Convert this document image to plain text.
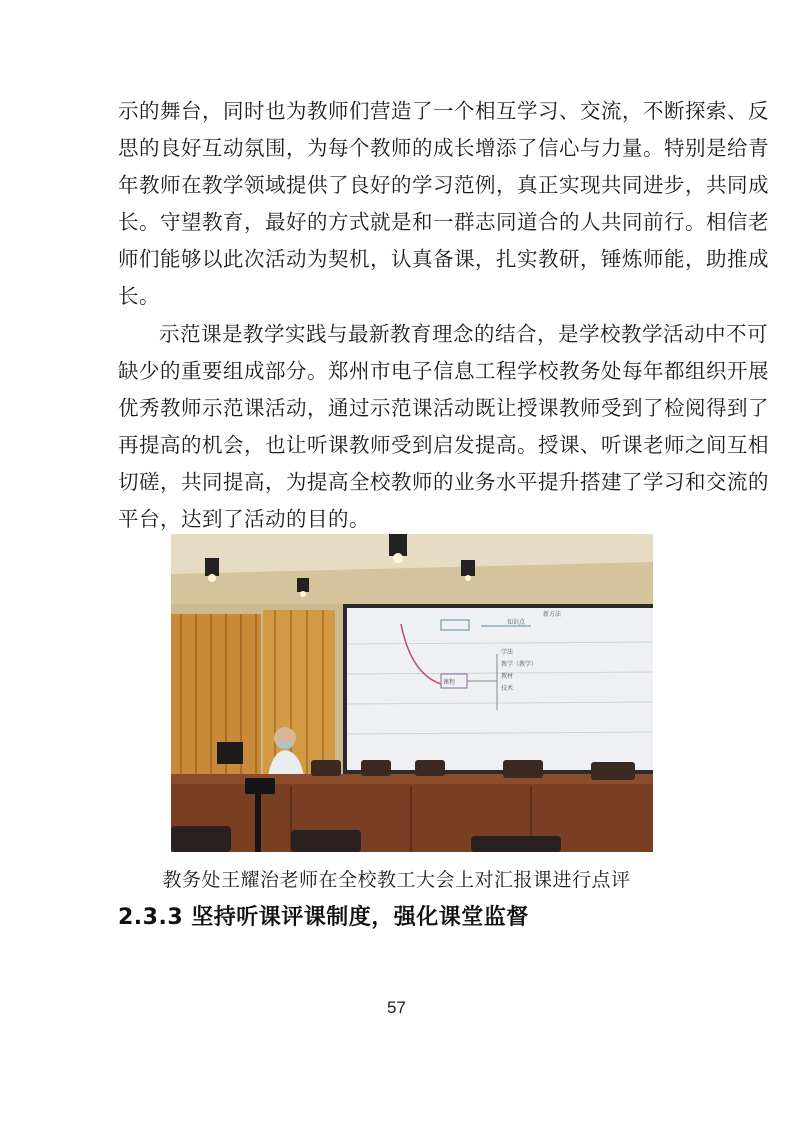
示的舞台，同时也为教师们营造了一个相互学习、交流，不断探索、反
思的良好互动氛围，为每个教师的成长增添了信心与力量。特别是给青
年教师在教学领域提供了良好的学习范例，真正实现共同进步，共同成
长。守望教育，最好的方式就是和一群志同道合的人共同前行。相信老
师们能够以此次活动为契机，认真备课，扎实教研，锤炼师能，助推成
长。
示范课是教学实践与最新教育理念的结合，是学校教学活动中不可
缺少的重要组成部分。郑州市电子信息工程学校教务处每年都组织开展
优秀教师示范课活动，通过示范课活动既让授课教师受到了检阅得到了
再提高的机会，也让听课教师受到启发提高。授课、听课老师之间互相
切磋，共同提高，为提高全校教师的业务水平提升搭建了学习和交流的
平台，达到了活动的目的。
知识点
新方法
课程
教学（教学）
教材
技术
学法
教务处王耀治老师在全校教工大会上对汇报课进行点评
2.3.3 坚持听课评课制度，强化课堂监督
57
